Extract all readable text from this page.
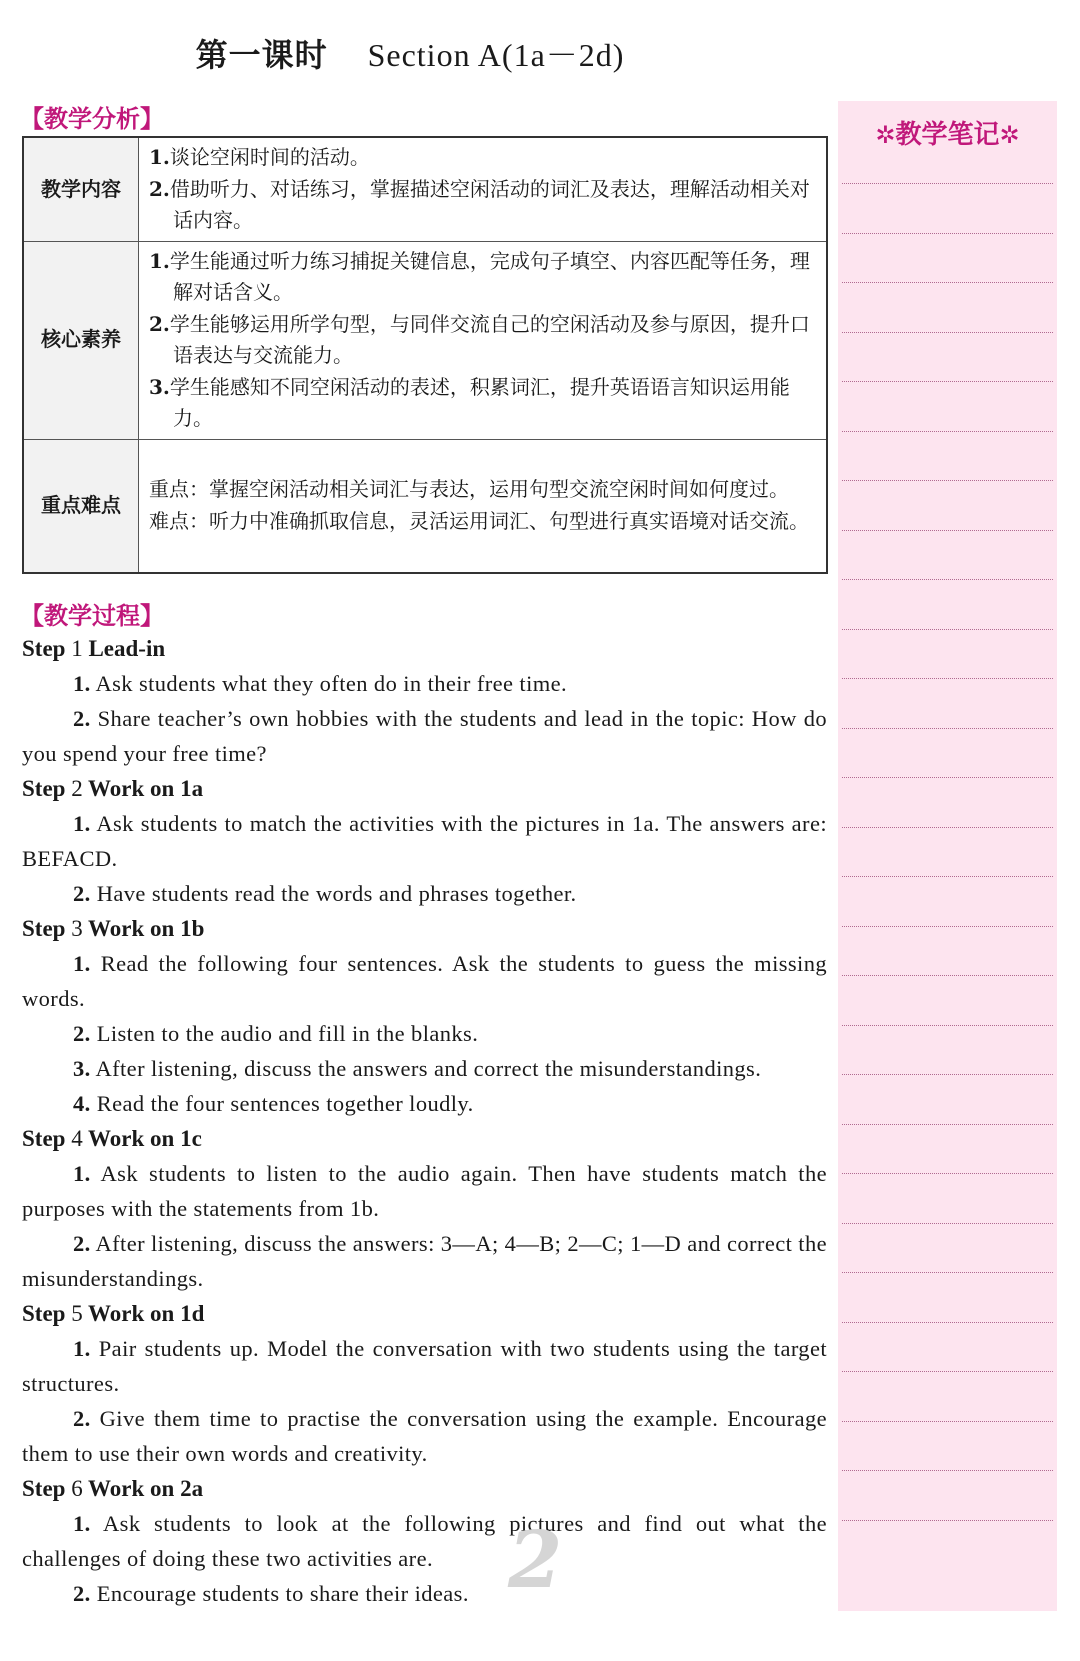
第一课时 Section A(1a－2d)
【教学分析】
教学内容	1.谈论空闲时间的活动。
2.借助听力、对话练习，掌握描述空闲活动的词汇及表达，理解活动相关对话内容。

核心素养	1.学生能通过听力练习捕捉关键信息，完成句子填空、内容匹配等任务，理解对话含义。
2.学生能够运用所学句型，与同伴交流自己的空闲活动及参与原因，提升口语表达与交流能力。
3.学生能感知不同空闲活动的表述，积累词汇，提升英语语言知识运用能力。

重点难点	重点：掌握空闲活动相关词汇与表达，运用句型交流空闲时间如何度过。
难点：听力中准确抓取信息，灵活运用词汇、句型进行真实语境对话交流。
【教学过程】
Step 1 Lead-in
1. Ask students what they often do in their free time.
2. Share teacher’s own hobbies with the students and lead in the topic: How do you spend your free time?
Step 2 Work on 1a
1. Ask students to match the activities with the pictures in 1a. The answers are: BEFACD.
2. Have students read the words and phrases together.
Step 3 Work on 1b
1. Read the following four sentences. Ask the students to guess the missing words.
2. Listen to the audio and fill in the blanks.
3. After listening, discuss the answers and correct the misunderstandings.
4. Read the four sentences together loudly.
Step 4 Work on 1c
1. Ask students to listen to the audio again. Then have students match the purposes with the statements from 1b.
2. After listening, discuss the answers: 3—A; 4—B; 2—C; 1—D and correct the misunderstandings.
Step 5 Work on 1d
1. Pair students up. Model the conversation with two students using the target structures.
2. Give them time to practise the conversation using the example. Encourage them to use their own words and creativity.
Step 6 Work on 2a
1. Ask students to look at the following pictures and find out what the challenges of doing these two activities are.
2. Encourage students to share their ideas.
✲教学笔记✲
2
